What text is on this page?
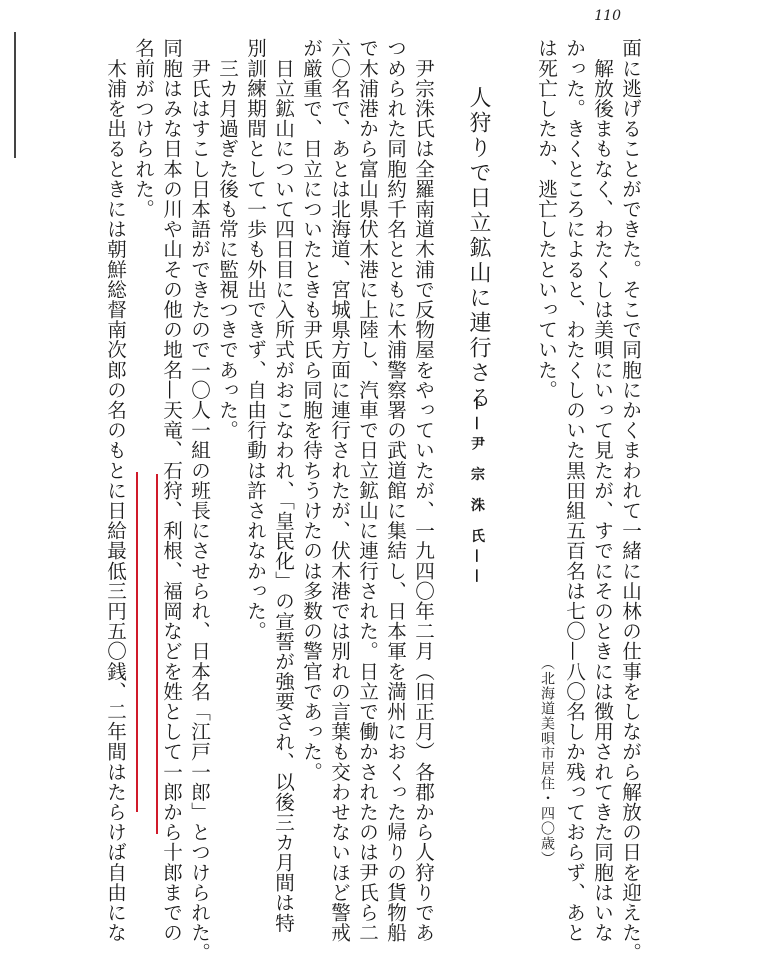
110
面に逃げることができた。そこで同胞にかくまわれて一緒に山林の仕事をしながら解放の日を迎えた。
　解放後まもなく、わたくしは美唄にいって見たが、すでにそのときには徴用されてきた同胞はいな
かった。きくところによると、わたくしのいた黒田組五百名は七〇—八〇名しか残っておらず、あと
は死亡したか、逃亡したといっていた。
（北海道美唄市居住・四〇歳）
人狩りで日立鉱山に連行さる
——尹 宗 洙 氏——
　尹宗洙氏は全羅南道木浦で反物屋をやっていたが、一九四〇年二月（旧正月）各郡から人狩りであ
つめられた同胞約千名とともに木浦警察署の武道館に集結し、日本軍を満州におくった帰りの貨物船
で木浦港から富山県伏木港に上陸し、汽車で日立鉱山に連行された。日立で働かされたのは尹氏ら二
六〇名で、あとは北海道、宮城県方面に連行されたが、伏木港では別れの言葉も交わせないほど警戒
が厳重で、日立についたときも尹氏ら同胞を待ちうけたのは多数の警官であった。
　日立鉱山について四日目に入所式がおこなわれ、「皇民化」の宣誓が強要され、以後三カ月間は特
別訓練期間として一歩も外出できず、自由行動は許されなかった。
　三カ月過ぎた後も常に監視つきであった。
　尹氏はすこし日本語ができたので一〇人一組の班長にさせられ、日本名「江戸一郎」とつけられた。
同胞はみな日本の川や山その他の地名—天竜、石狩、利根、福岡などを姓として一郎から十郎までの
名前がつけられた。
　木浦を出るときには朝鮮総督南次郎の名のもとに日給最低三円五〇銭、二年間はたらけば自由にな
